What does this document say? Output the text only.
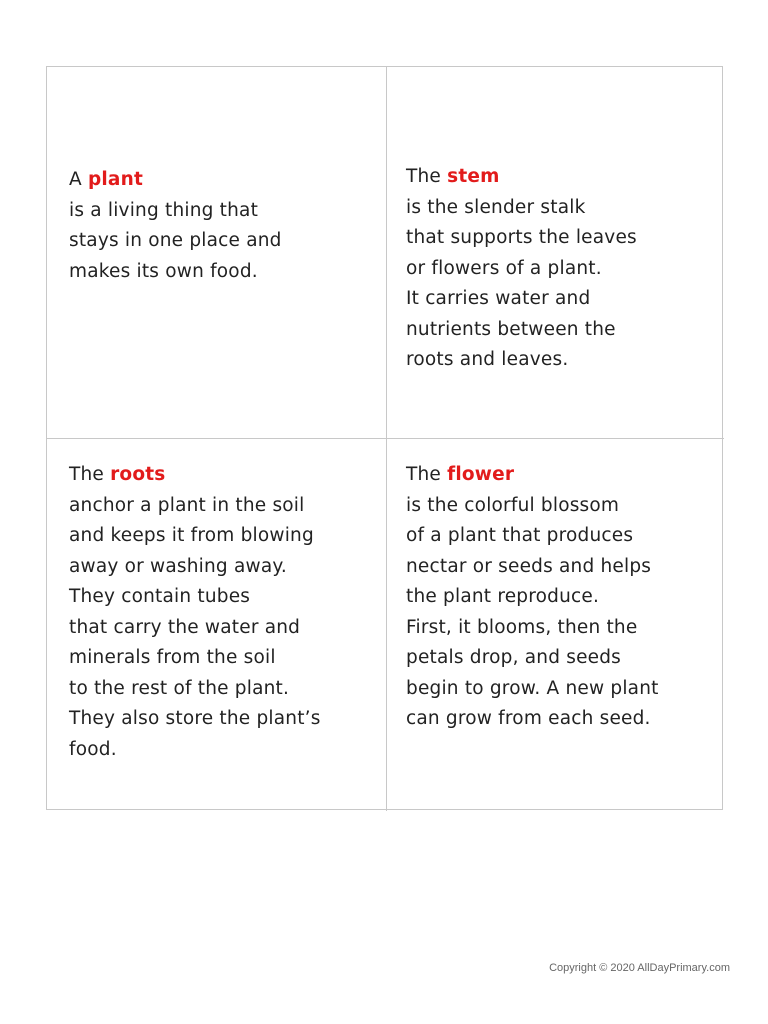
A plant
is a living thing that
stays in one place and
makes its own food.
The stem
is the slender stalk
that supports the leaves
or flowers of a plant.
It carries water and
nutrients between the
roots and leaves.
The roots
anchor a plant in the soil
and keeps it from blowing
away or washing away.
They contain tubes
that carry the water and
minerals from the soil
to the rest of the plant.
They also store the plant’s
food.
The flower
is the colorful blossom
of a plant that produces
nectar or seeds and helps
the plant reproduce.
First, it blooms, then the
petals drop, and seeds
begin to grow. A new plant
can grow from each seed.
Copyright © 2020 AllDayPrimary.com
